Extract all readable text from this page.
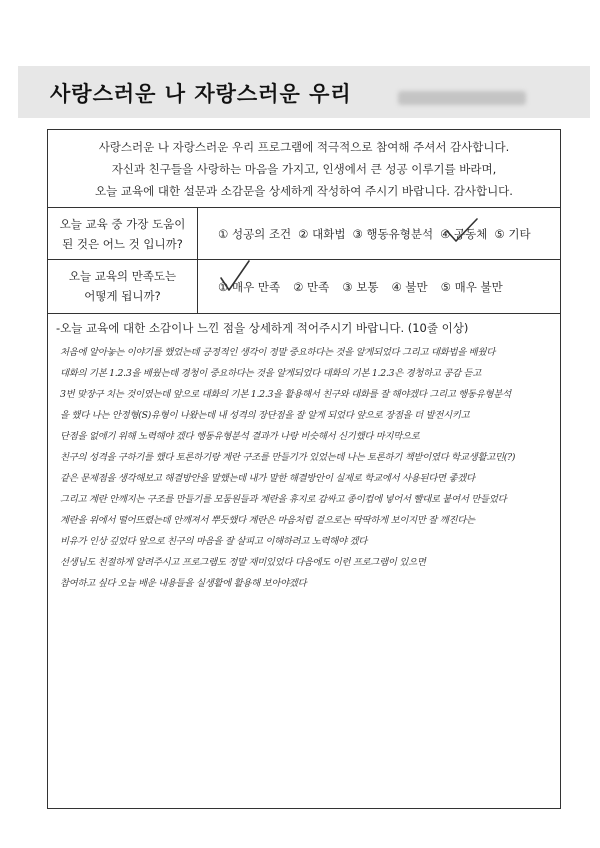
사랑스러운 나 자랑스러운 우리
사랑스러운 나 자랑스러운 우리 프로그램에 적극적으로 참여해 주셔서 감사합니다.
자신과 친구들을 사랑하는 마음을 가지고, 인생에서 큰 성공 이루기를 바라며,
오늘 교육에 대한 설문과 소감문을 상세하게 작성하여 주시기 바랍니다. 감사합니다.
오늘 교육 중 가장 도움이
된 것은 어느 것 입니까?
① 성공의 조건 ② 대화법 ③ 행동유형분석 ④ 공동체 ⑤ 기타
오늘 교육의 만족도는
어떻게 됩니까?
① 매우 만족 ② 만족 ③ 보통 ④ 불만 ⑤ 매우 불만
-오늘 교육에 대한 소감이나 느낀 점을 상세하게 적어주시기 바랍니다. (10줄 이상)
처음에 알아놓는 이야기를 했었는데 긍정적인 생각이 정말 중요하다는 것을 알게되었다 그리고 대화법을 배웠다
대화의 기본 1.2.3을 배웠는데 경청이 중요하다는 것을 알게되었다 대화의 기본 1.2.3은 경청하고 공감 듣고
3번 맞장구 치는 것이였는데 앞으로 대화의 기본 1.2.3을 활용해서 친구와 대화를 잘 해야겠다 그리고 행동유형분석
을 했다 나는 안정형(S)유형이 나왔는데 내 성격의 장단점을 잘 알게 되었다 앞으로 장점을 더 발전시키고
단점을 없애기 위해 노력해야 겠다 행동유형분석 결과가 나랑 비슷해서 신기했다 마지막으로
친구의 성격을 구하기를 했다 토론하기랑 계란 구조를 만들기가 있었는데 나는 토론하기 책받이였다 학교생활고민(?)
같은 문제점을 생각해보고 해결방안을 말했는데 내가 말한 해결방안이 실제로 학교에서 사용된다면 좋겠다
그리고 계란 안깨지는 구조를 만들기를 모둠원들과 계란을 휴지로 감싸고 종이컵에 넣어서 빨대로 붙여서 만들었다
계란을 위에서 떨어뜨렸는데 안깨져서 뿌듯했다 계란은 마음처럼 겉으로는 딱딱하게 보이지만 잘 깨진다는
비유가 인상 깊었다 앞으로 친구의 마음을 잘 살피고 이해하려고 노력해야 겠다
선생님도 친절하게 알려주시고 프로그램도 정말 재미있었다 다음에도 이런 프로그램이 있으면
참여하고 싶다 오늘 배운 내용들을 실생활에 활용해 보아야겠다
